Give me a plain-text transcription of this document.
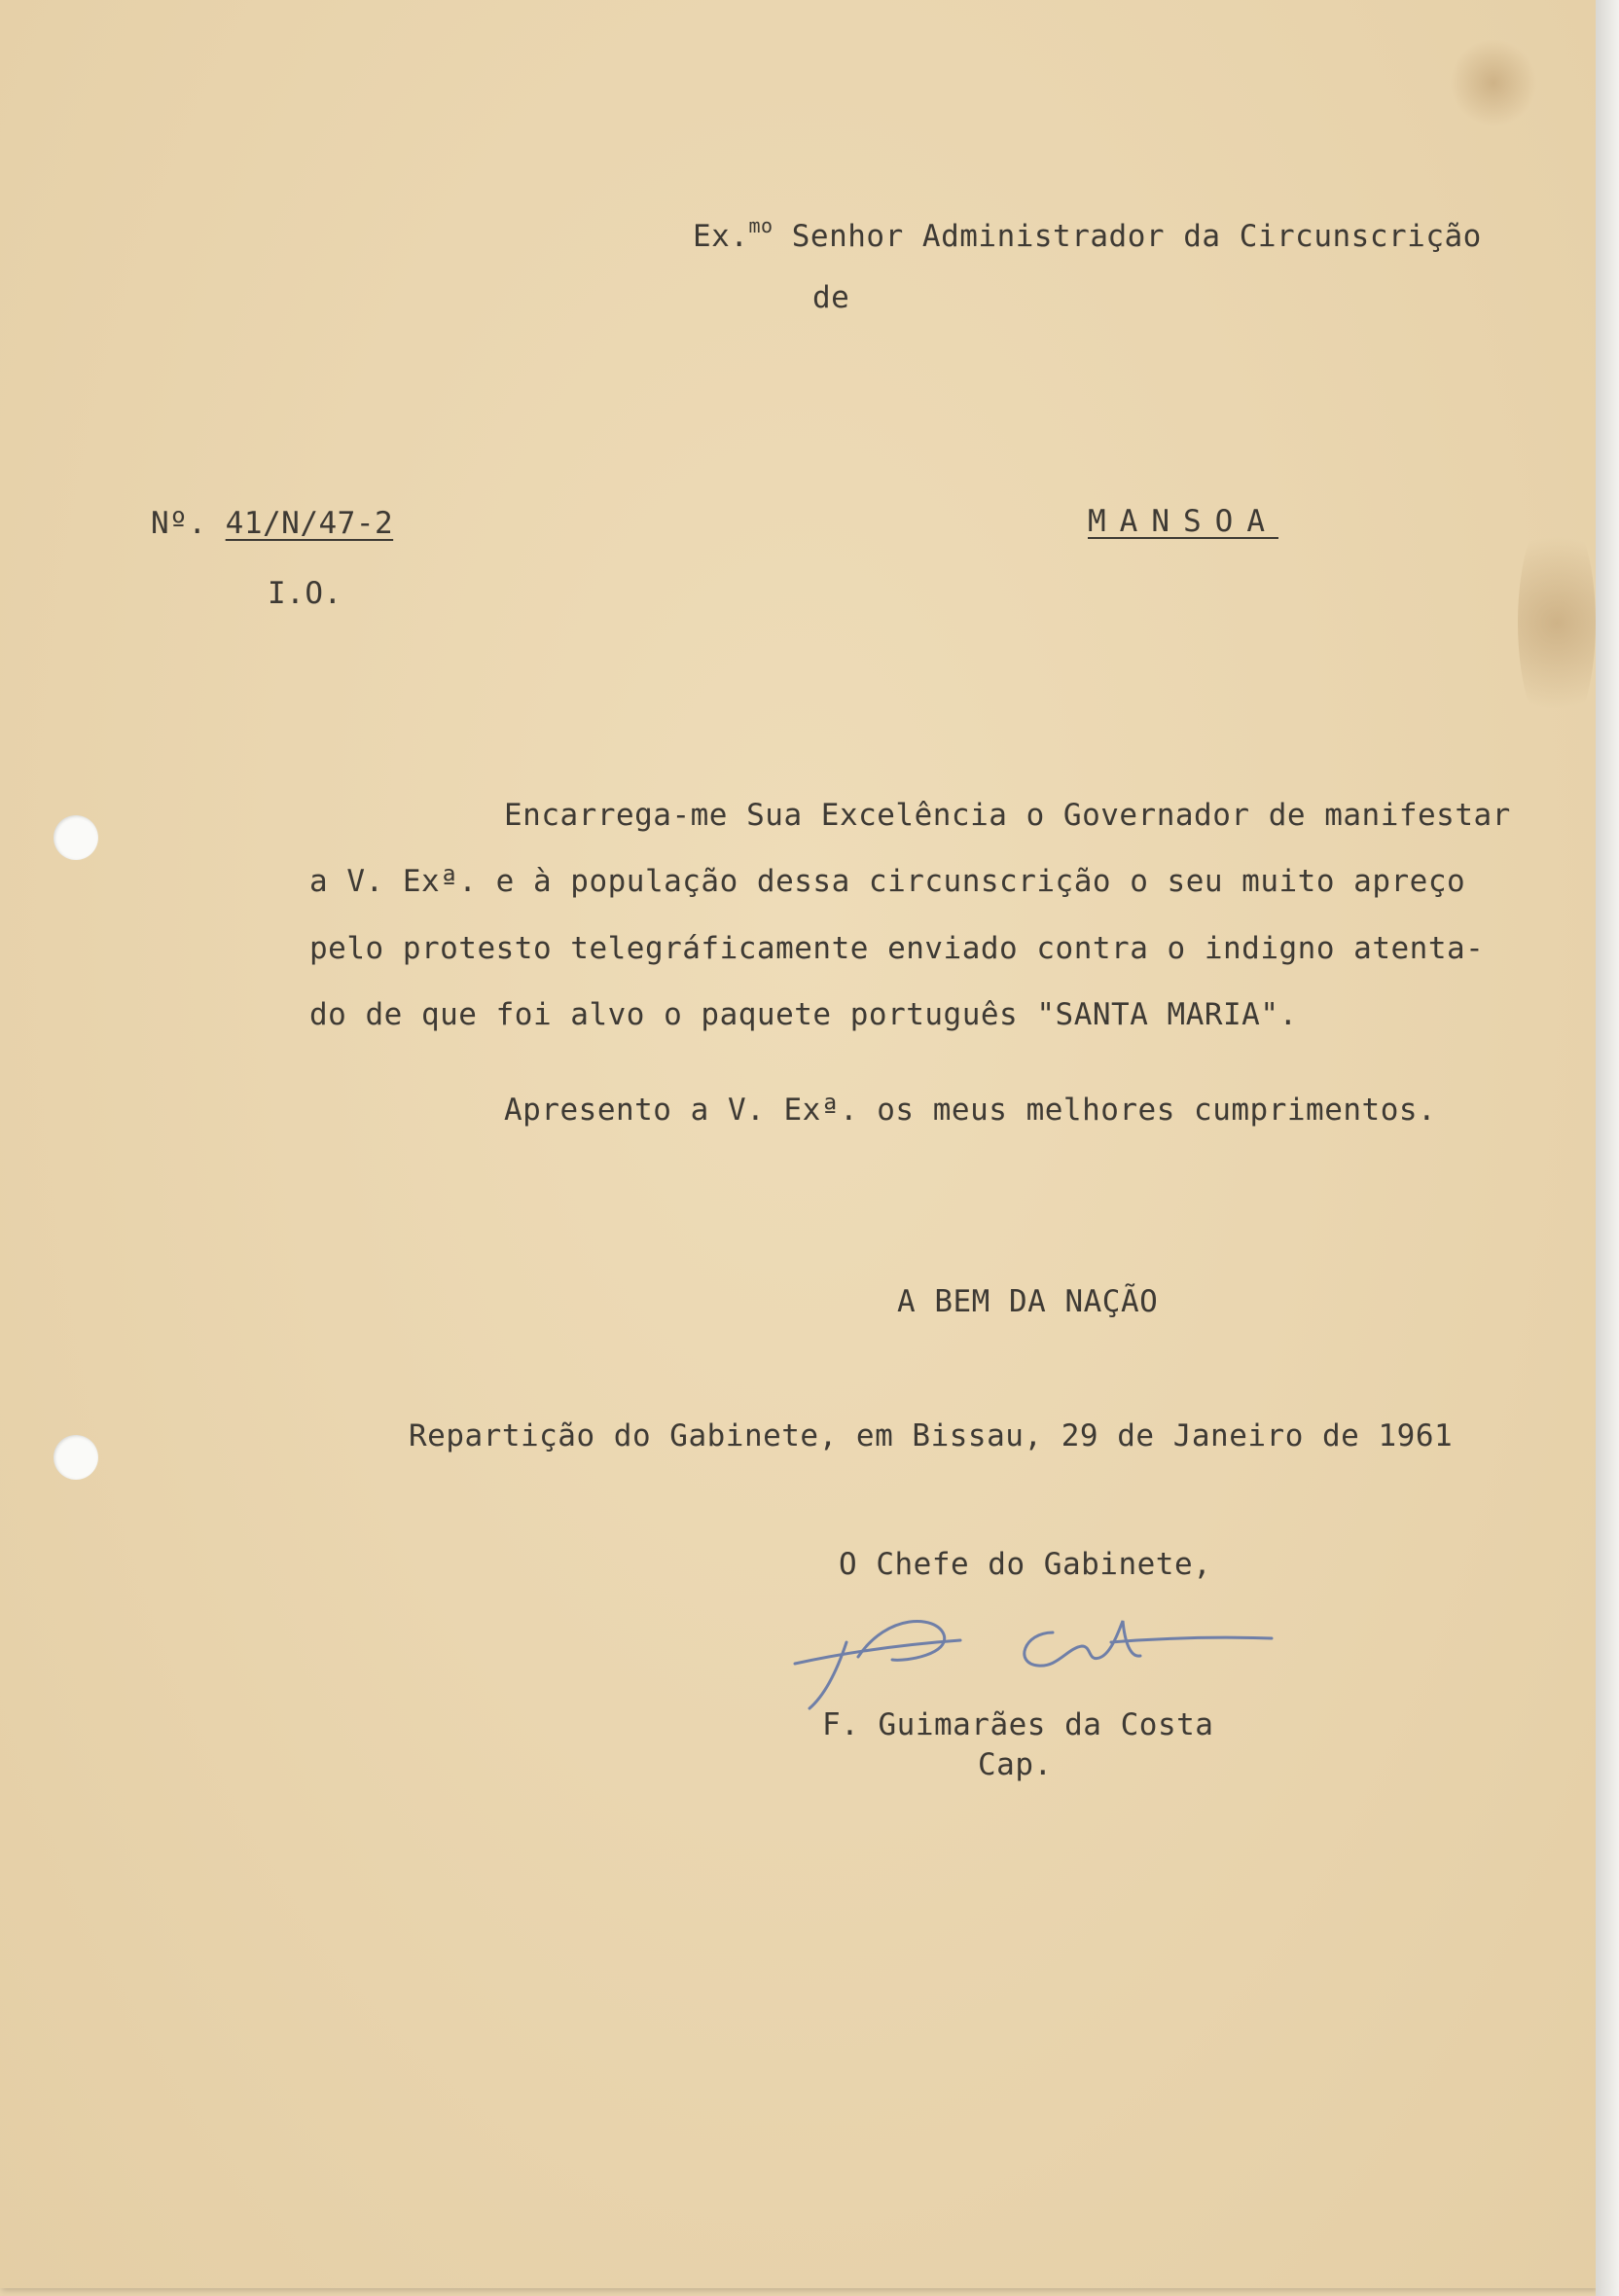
Ex.$^{mo}$ Senhor Administrador da Circunscrição
de
Nº. 41/N/47-2
I.O.
MANSOA
Encarrega-me Sua Excelência o Governador de manifestar
a V. Exª. e à população dessa circunscrição o seu muito apreço
pelo protesto telegráficamente enviado contra o indigno atenta-
do de que foi alvo o paquete português "SANTA MARIA".
Apresento a V. Exª. os meus melhores cumprimentos.
A BEM DA NAÇÃO
Repartição do Gabinete, em Bissau, 29 de Janeiro de 1961
O Chefe do Gabinete,
F. Guimarães da Costa
Cap.
